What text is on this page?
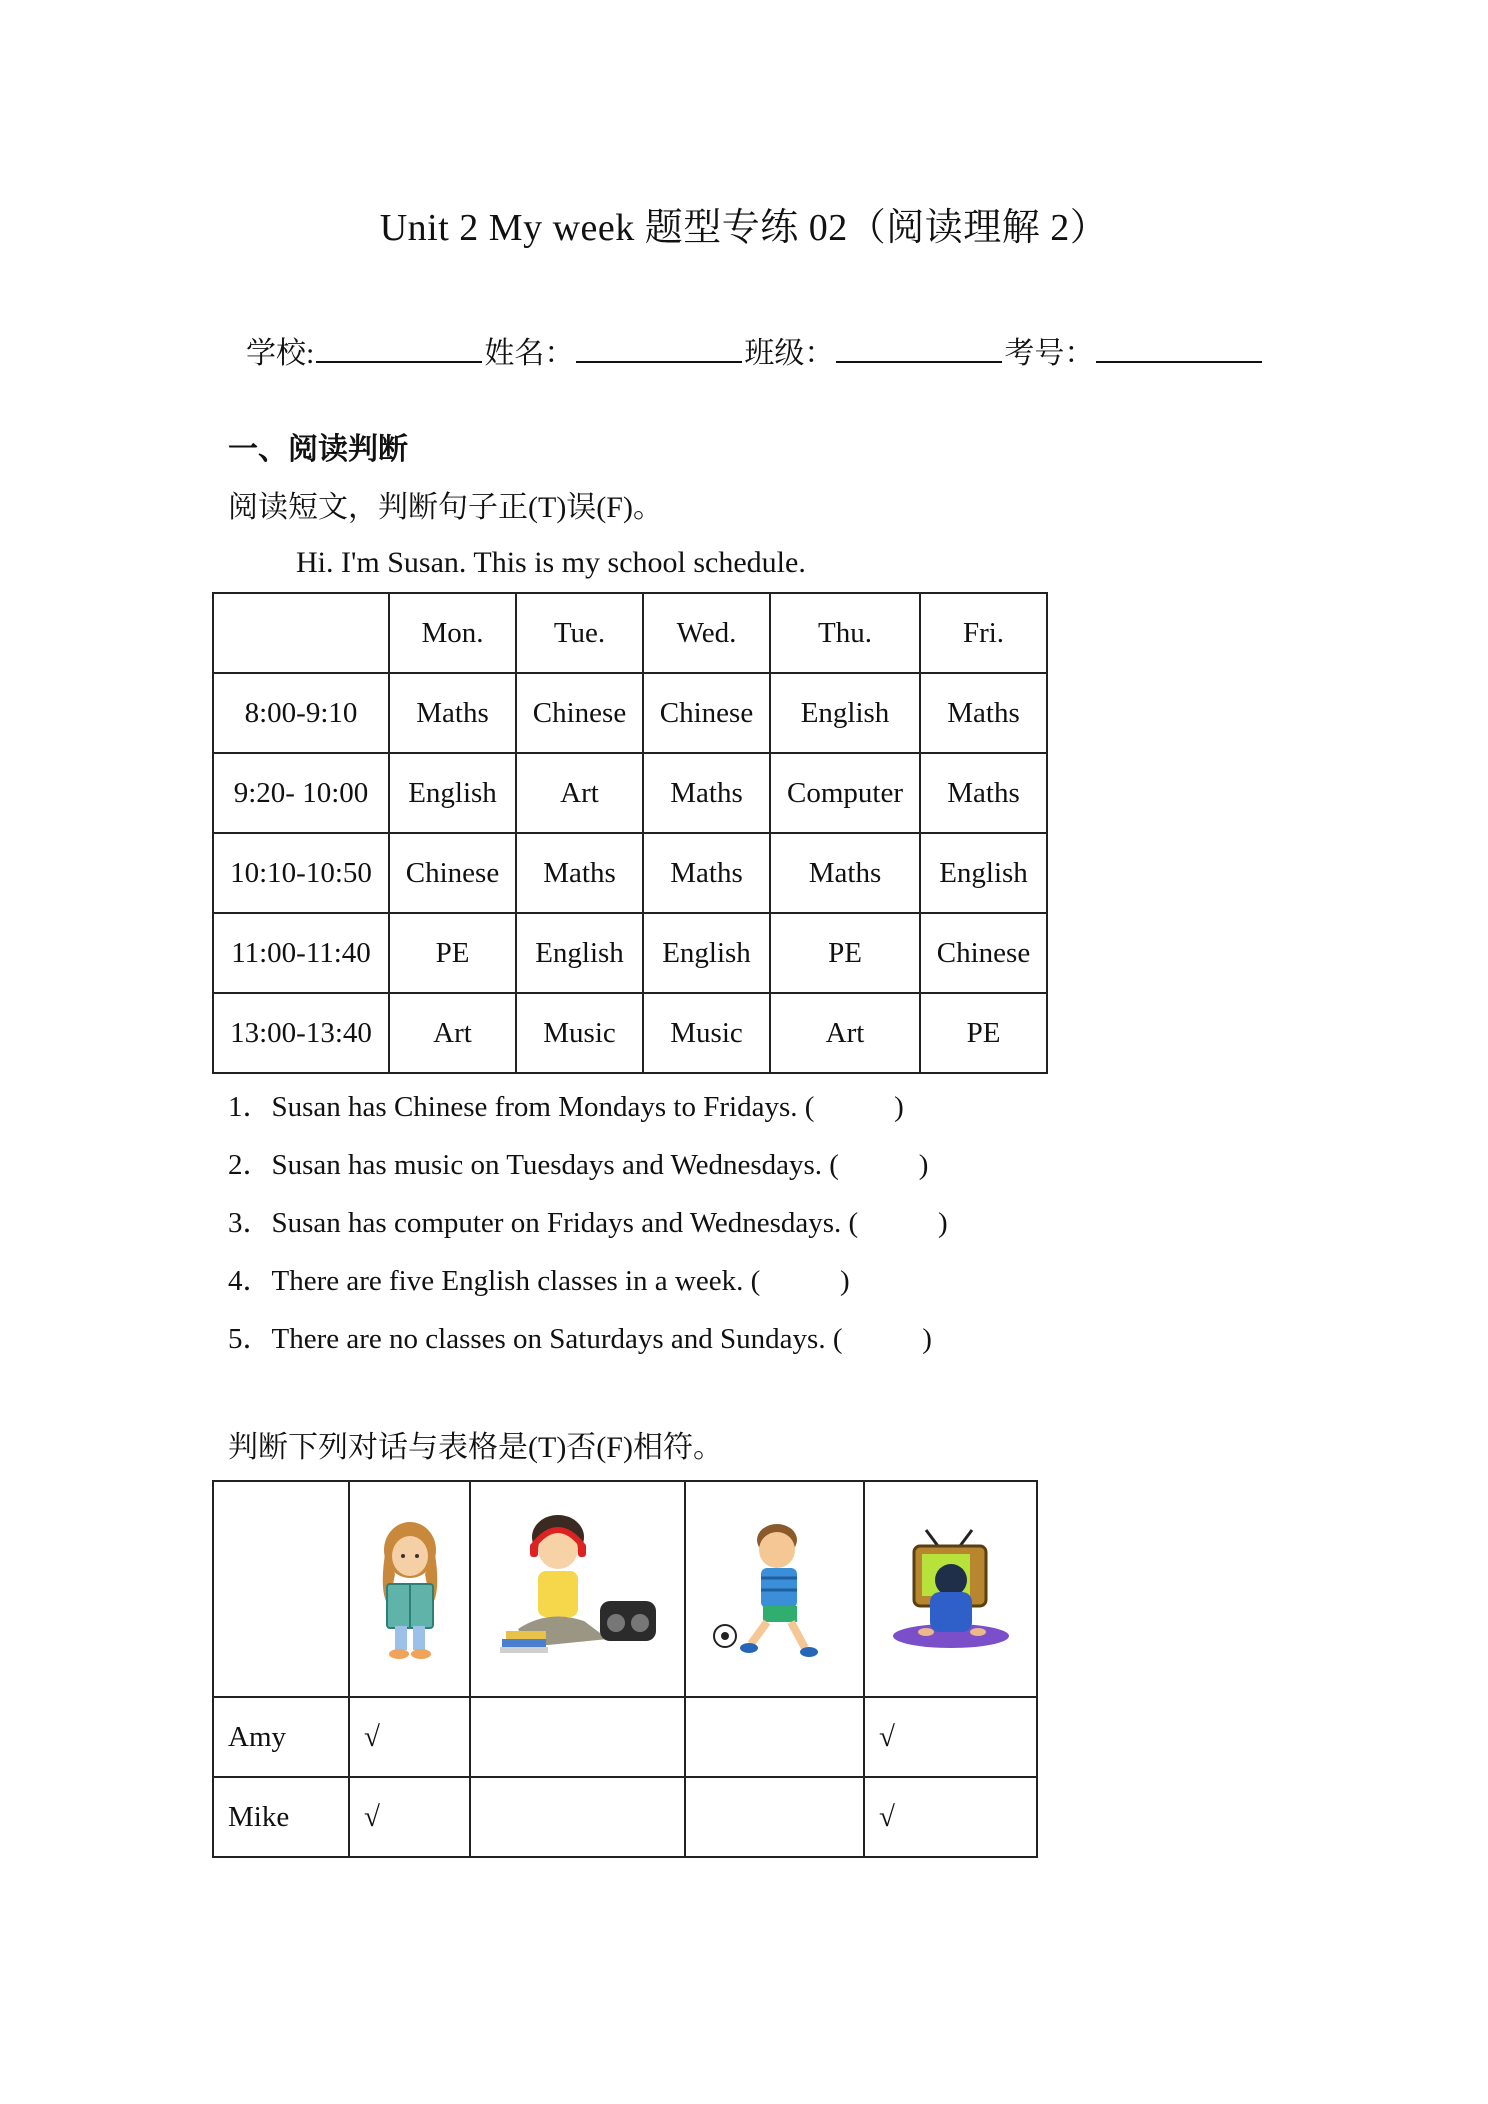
Unit 2 My week 题型专练 02（阅读理解 2）
学校:	姓名：	班级：	考号：
一、阅读判断
阅读短文，判断句子正(T)误(F)。
Hi. I'm Susan. This is my school schedule.
	Mon.	Tue.	Wed.	Thu.	Fri.
8:00-9:10	Maths	Chinese	Chinese	English	Maths
9:20- 10:00	English	Art	Maths	Computer	Maths
10:10-10:50	Chinese	Maths	Maths	Maths	English
11:00-11:40	PE	English	English	PE	Chinese
13:00-13:40	Art	Music	Music	Art	PE
1．Susan has Chinese from Mondays to Fridays. (           )
2．Susan has music on Tuesdays and Wednesdays. (           )
3．Susan has computer on Fridays and Wednesdays. (           )
4．There are five English classes in a week. (           )
5．There are no classes on Saturdays and Sundays. (           )
判断下列对话与表格是(T)否(F)相符。

Amy	√			√
Mike	√			√
